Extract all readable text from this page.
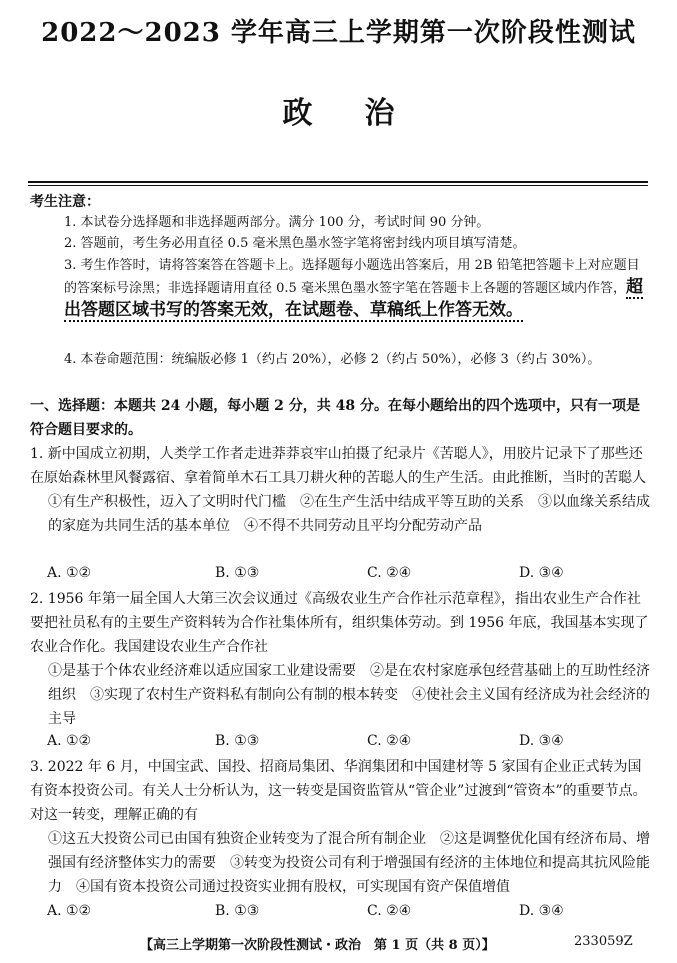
2022～2023 学年高三上学期第一次阶段性测试
政治
考生注意：
1. 本试卷分选择题和非选择题两部分。满分 100 分，考试时间 90 分钟。
2. 答题前，考生务必用直径 0.5 毫米黑色墨水签字笔将密封线内项目填写清楚。
3. 考生作答时，请将答案答在答题卡上。选择题每小题选出答案后，用 2B 铅笔把答题卡上对应题目的答案标号涂黑；非选择题请用直径 0.5 毫米黑色墨水签字笔在答题卡上各题的答题区域内作答，超出答题区域书写的答案无效，在试题卷、草稿纸上作答无效。
4. 本卷命题范围：统编版必修 1（约占 20%），必修 2（约占 50%），必修 3（约占 30%）。
一、选择题：本题共 24 小题，每小题 2 分，共 48 分。在每小题给出的四个选项中，只有一项是符合题目要求的。
1. 新中国成立初期，人类学工作者走进莽莽哀牢山拍摄了纪录片《苦聪人》，用胶片记录下了那些还在原始森林里风餐露宿、拿着简单木石工具刀耕火种的苦聪人的生产生活。由此推断，当时的苦聪人
①有生产积极性，迈入了文明时代门槛　②在生产生活中结成平等互助的关系　③以血缘关系结成的家庭为共同生活的基本单位　④不得不共同劳动且平均分配劳动产品
A. ①②	B. ①③	C. ②④	D. ③④
2. 1956 年第一届全国人大第三次会议通过《高级农业生产合作社示范章程》，指出农业生产合作社要把社员私有的主要生产资料转为合作社集体所有，组织集体劳动。到 1956 年底，我国基本实现了农业合作化。我国建设农业生产合作社
①是基于个体农业经济难以适应国家工业建设需要　②是在农村家庭承包经营基础上的互助性经济组织　③实现了农村生产资料私有制向公有制的根本转变　④使社会主义国有经济成为社会经济的主导
A. ①②	B. ①③	C. ②④	D. ③④
3. 2022 年 6 月，中国宝武、国投、招商局集团、华润集团和中国建材等 5 家国有企业正式转为国有资本投资公司。有关人士分析认为，这一转变是国资监管从“管企业”过渡到“管资本”的重要节点。对这一转变，理解正确的有
①这五大投资公司已由国有独资企业转变为了混合所有制企业　②这是调整优化国有经济布局、增强国有经济整体实力的需要　③转变为投资公司有利于增强国有经济的主体地位和提高其抗风险能力　④国有资本投资公司通过投资实业拥有股权，可实现国有资产保值增值
A. ①②	B. ①③	C. ②④	D. ③④
【高三上学期第一次阶段性测试・政治　第 1 页（共 8 页）】	233059Z
